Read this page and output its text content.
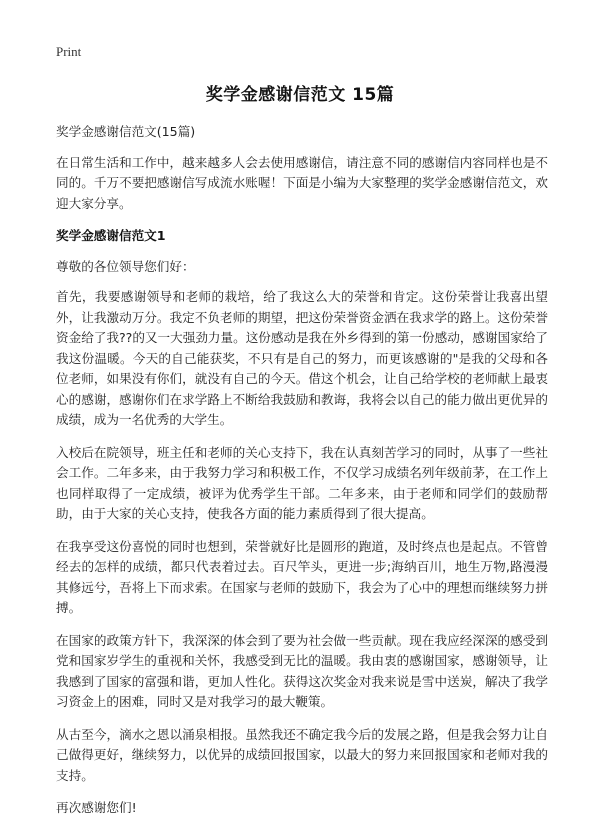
Print
奖学金感谢信范文 15篇

奖学金感谢信范文(15篇)

在日常生活和工作中，越来越多人会去使用感谢信，请注意不同的感谢信内容同样也是不同的。千万不要把感谢信写成流水账喔！下面是小编为大家整理的奖学金感谢信范文，欢迎大家分享。

奖学金感谢信范文1

尊敬的各位领导您们好：

首先，我要感谢领导和老师的栽培，给了我这么大的荣誉和肯定。这份荣誉让我喜出望外，让我激动万分。我定不负老师的期望，把这份荣誉资金洒在我求学的路上。这份荣誉资金给了我??的又一大强劲力量。这份感动是我在外乡得到的第一份感动，感谢国家给了我这份温暖。今天的自己能获奖，不只有是自己的努力，而更该感谢的"是我的父母和各位老师，如果没有你们，就没有自己的今天。借这个机会，让自己给学校的老师献上最衷心的感谢，感谢你们在求学路上不断给我鼓励和教诲，我将会以自己的能力做出更优异的成绩，成为一名优秀的大学生。

入校后在院领导，班主任和老师的关心支持下，我在认真刻苦学习的同时，从事了一些社会工作。二年多来，由于我努力学习和积极工作，不仅学习成绩名列年级前茅，在工作上也同样取得了一定成绩，被评为优秀学生干部。二年多来，由于老师和同学们的鼓励帮助，由于大家的关心支持，使我各方面的能力素质得到了很大提高。

在我享受这份喜悦的同时也想到，荣誉就好比是圆形的跑道，及时终点也是起点。不管曾经去的怎样的成绩，都只代表着过去。百尺竿头，更进一步;海纳百川，地生万物,路漫漫其修远兮，吾将上下而求索。在国家与老师的鼓励下，我会为了心中的理想而继续努力拼搏。

在国家的政策方针下，我深深的体会到了要为社会做一些贡献。现在我应经深深的感受到党和国家岁学生的重视和关怀，我感受到无比的温暖。我由衷的感谢国家，感谢领导，让我感到了国家的富强和谐，更加人性化。获得这次奖金对我来说是雪中送炭，解决了我学习资金上的困难，同时又是对我学习的最大鞭策。

从古至今，滴水之恩以涌泉相报。虽然我还不确定我今后的发展之路，但是我会努力让自己做得更好，继续努力，以优异的成绩回报国家，以最大的努力来回报国家和老师对我的支持。

再次感谢您们!
